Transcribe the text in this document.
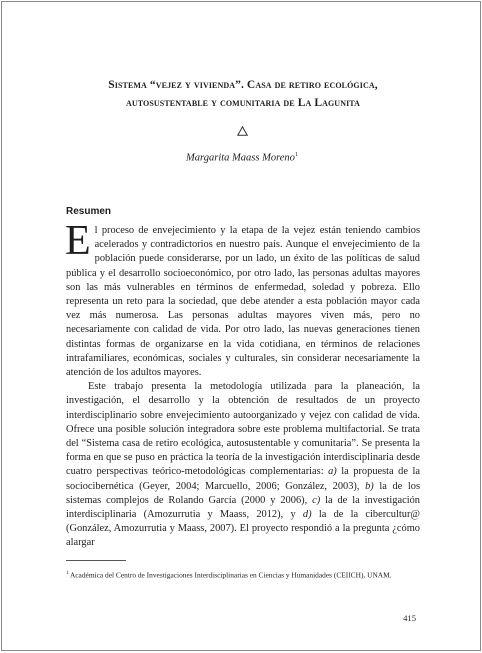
Sistema “vejez y vivienda”. Casa de retiro ecológica,
autosustentable y comunitaria de La Lagunita

Margarita Maass Moreno$^1$

Resumen

El proceso de envejecimiento y la etapa de la vejez están teniendo cambios acelerados y contradictorios en nuestro país. Aunque el envejecimiento de la población puede considerarse, por un lado, un éxito de las políticas de salud pública y el desarrollo socioeconómico, por otro lado, las personas adultas mayores son las más vulnerables en términos de enfermedad, soledad y pobreza. Ello representa un reto para la sociedad, que debe atender a esta población mayor cada vez más numerosa. Las personas adultas mayores viven más, pero no necesariamente con calidad de vida. Por otro lado, las nuevas generaciones tienen distintas formas de organizarse en la vida cotidiana, en términos de relaciones intrafamiliares, económicas, sociales y culturales, sin considerar necesariamente la atención de los adultos mayores.

Este trabajo presenta la metodología utilizada para la planeación, la investigación, el desarrollo y la obtención de resultados de un proyecto interdisciplinario sobre envejecimiento autoorganizado y vejez con calidad de vida. Ofrece una posible solución integradora sobre este problema multifactorial. Se trata del “Sistema casa de retiro ecológica, autosustentable y comunitaria”. Se presenta la forma en que se puso en práctica la teoría de la investigación interdisciplinaria desde cuatro perspectivas teórico-metodológicas complementarias: a) la propuesta de la sociocibernética (Geyer, 2004; Marcuello, 2006; González, 2003), b) la de los sistemas complejos de Rolando García (2000 y 2006), c) la de la investigación interdisciplinaria (Amozurrutia y Maass, 2012), y d) la de la cibercultur@ (González, Amozurrutia y Maass, 2007). El proyecto respondió a la pregunta ¿cómo alargar

$^1$ Académica del Centro de Investigaciones Interdisciplinarias en Ciencias y Humanidades (CEIICH), UNAM.

415
